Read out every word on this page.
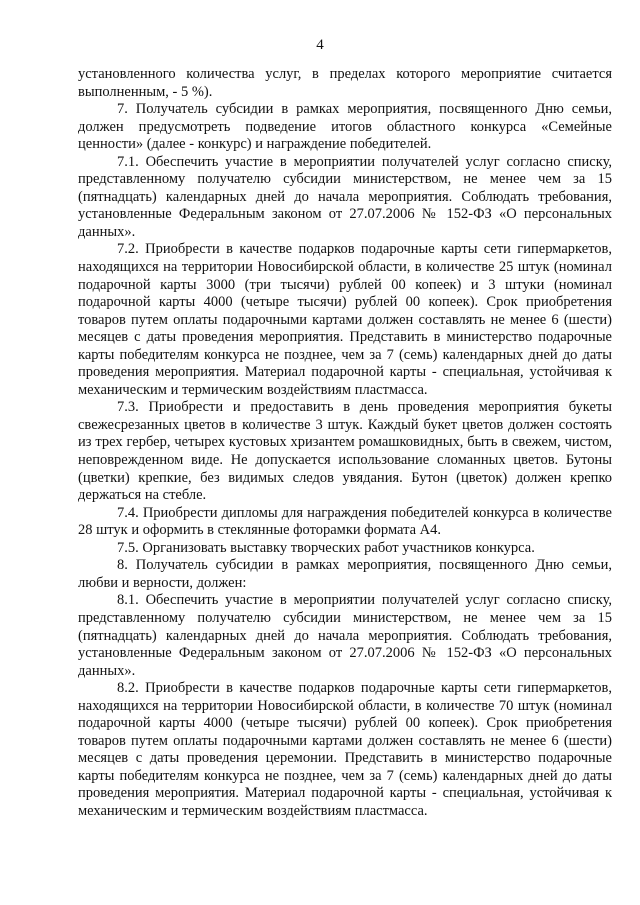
4

установленного количества услуг, в пределах которого мероприятие считается выполненным, - 5 %).

7. Получатель субсидии в рамках мероприятия, посвященного Дню семьи, должен предусмотреть подведение итогов областного конкурса «Семейные ценности» (далее - конкурс) и награждение победителей.

7.1. Обеспечить участие в мероприятии получателей услуг согласно списку, представленному получателю субсидии министерством, не менее чем за 15 (пятнадцать) календарных дней до начала мероприятия. Соблюдать требования, установленные Федеральным законом от 27.07.2006 № 152-ФЗ «О персональных данных».

7.2. Приобрести в качестве подарков подарочные карты сети гипермаркетов, находящихся на территории Новосибирской области, в количестве 25 штук (номинал подарочной карты 3000 (три тысячи) рублей 00 копеек) и 3 штуки (номинал подарочной карты 4000 (четыре тысячи) рублей 00 копеек). Срок приобретения товаров путем оплаты подарочными картами должен составлять не менее 6 (шести) месяцев с даты проведения мероприятия. Представить в министерство подарочные карты победителям конкурса не позднее, чем за 7 (семь) календарных дней до даты проведения мероприятия. Материал подарочной карты - специальная, устойчивая к механическим и термическим воздействиям пластмасса.

7.3. Приобрести и предоставить в день проведения мероприятия букеты свежесрезанных цветов в количестве 3 штук. Каждый букет цветов должен состоять из трех гербер, четырех кустовых хризантем ромашковидных, быть в свежем, чистом, неповрежденном виде. Не допускается использование сломанных цветов. Бутоны (цветки) крепкие, без видимых следов увядания. Бутон (цветок) должен крепко держаться на стебле.

7.4. Приобрести дипломы для награждения победителей конкурса в количестве 28 штук и оформить в стеклянные фоторамки формата А4.

7.5. Организовать выставку творческих работ участников конкурса.

8. Получатель субсидии в рамках мероприятия, посвященного Дню семьи, любви и верности, должен:

8.1. Обеспечить участие в мероприятии получателей услуг согласно списку, представленному получателю субсидии министерством, не менее чем за 15 (пятнадцать) календарных дней до начала мероприятия. Соблюдать требования, установленные Федеральным законом от 27.07.2006 № 152-ФЗ «О персональных данных».

8.2. Приобрести в качестве подарков подарочные карты сети гипермаркетов, находящихся на территории Новосибирской области, в количестве 70 штук (номинал подарочной карты 4000 (четыре тысячи) рублей 00 копеек). Срок приобретения товаров путем оплаты подарочными картами должен составлять не менее 6 (шести) месяцев с даты проведения церемонии. Представить в министерство подарочные карты победителям конкурса не позднее, чем за 7 (семь) календарных дней до даты проведения мероприятия. Материал подарочной карты - специальная, устойчивая к механическим и термическим воздействиям пластмасса.
